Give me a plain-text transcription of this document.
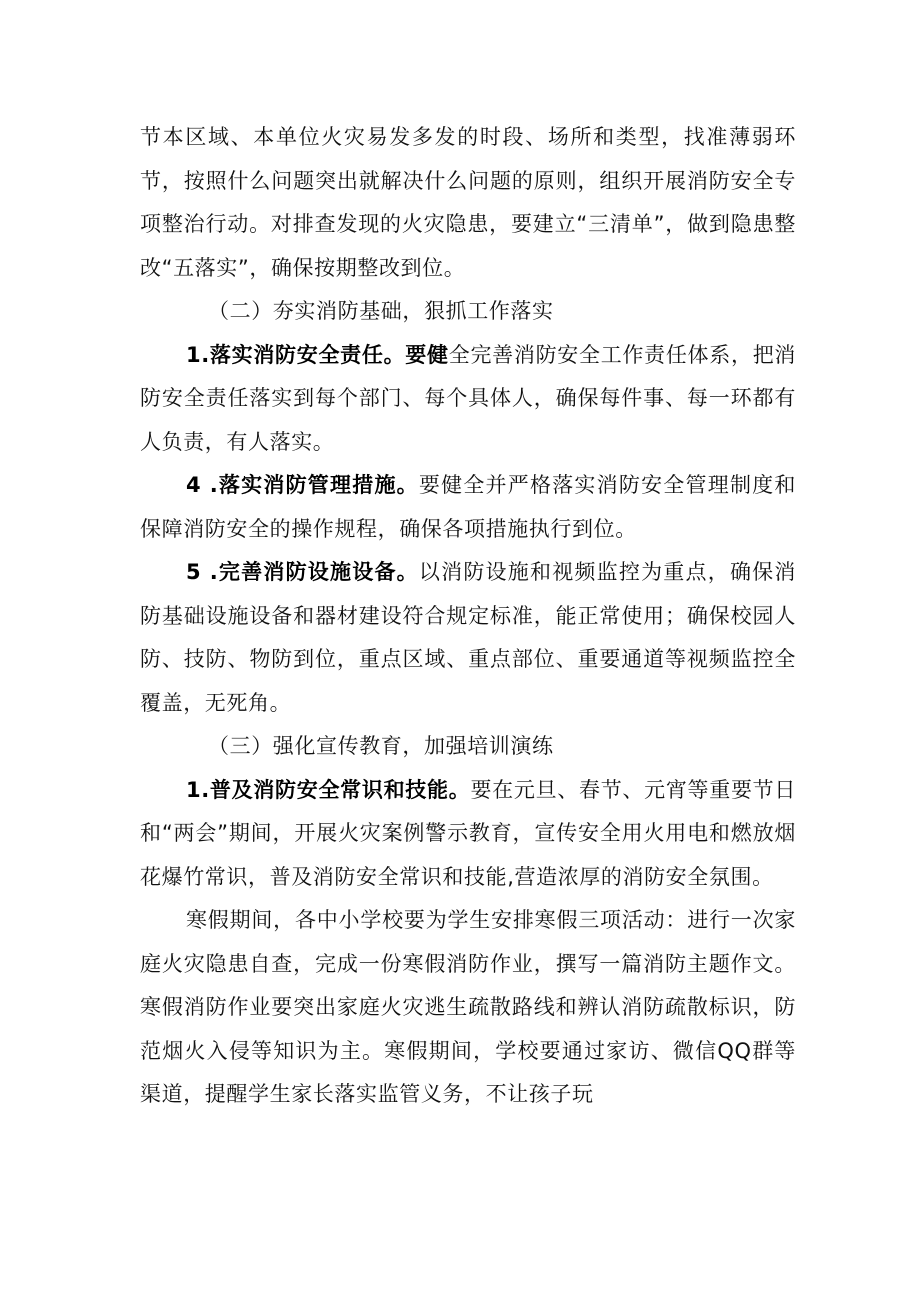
节本区域、本单位火灾易发多发的时段、场所和类型，找准薄弱环节，按照什么问题突出就解决什么问题的原则，组织开展消防安全专项整治行动。对排查发现的火灾隐患，要建立“三清单”，做到隐患整改“五落实”，确保按期整改到位。

（二）夯实消防基础，狠抓工作落实

1.落实消防安全责任。要健全完善消防安全工作责任体系，把消防安全责任落实到每个部门、每个具体人，确保每件事、每一环都有人负责，有人落实。

4 .落实消防管理措施。要健全并严格落实消防安全管理制度和保障消防安全的操作规程，确保各项措施执行到位。

5 .完善消防设施设备。以消防设施和视频监控为重点，确保消防基础设施设备和器材建设符合规定标准，能正常使用；确保校园人防、技防、物防到位，重点区域、重点部位、重要通道等视频监控全覆盖，无死角。

（三）强化宣传教育，加强培训演练

1.普及消防安全常识和技能。要在元旦、春节、元宵等重要节日和“两会”期间，开展火灾案例警示教育，宣传安全用火用电和燃放烟花爆竹常识，普及消防安全常识和技能,营造浓厚的消防安全氛围。

寒假期间，各中小学校要为学生安排寒假三项活动：进行一次家庭火灾隐患自查，完成一份寒假消防作业，撰写一篇消防主题作文。寒假消防作业要突出家庭火灾逃生疏散路线和辨认消防疏散标识，防范烟火入侵等知识为主。寒假期间，学校要通过家访、微信QQ群等渠道，提醒学生家长落实监管义务，不让孩子玩
